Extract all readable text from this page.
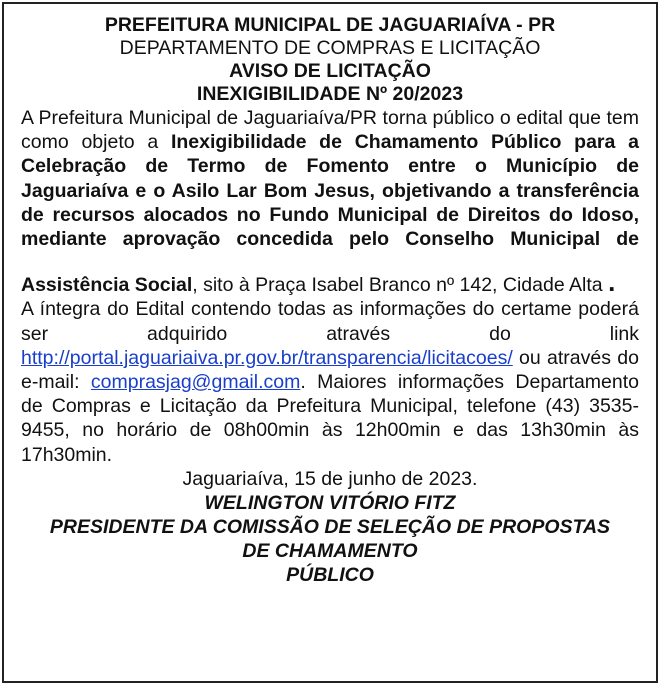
PREFEITURA MUNICIPAL DE JAGUARIAÍVA - PR
DEPARTAMENTO DE COMPRAS E LICITAÇÃO
AVISO DE LICITAÇÃO
INEXIGIBILIDADE Nº 20/2023

A Prefeitura Municipal de Jaguariaíva/PR torna público o edital que tem como objeto a Inexigibilidade de Chamamento Público para a Celebração de Termo de Fomento entre o Município de Jaguariaíva e o Asilo Lar Bom Jesus, objetivando a transferência de recursos alocados no Fundo Municipal de Direitos do Idoso, mediante aprovação concedida pelo Conselho Municipal de

Assistência Social, sito à Praça Isabel Branco nº 142, Cidade Alta .

A íntegra do Edital contendo todas as informações do certame poderá ser adquirido através do link http://portal.jaguariaiva.pr.gov.br/transparencia/licitacoes/ ou através do e-mail: comprasjag@gmail.com. Maiores informações Departamento de Compras e Licitação da Prefeitura Municipal, telefone (43) 3535-9455, no horário de 08h00min às 12h00min e das 13h30min às 17h30min.

Jaguariaíva, 15 de junho de 2023.
WELINGTON VITÓRIO FITZ
PRESIDENTE DA COMISSÃO DE SELEÇÃO DE PROPOSTAS
DE CHAMAMENTO
PÚBLICO
